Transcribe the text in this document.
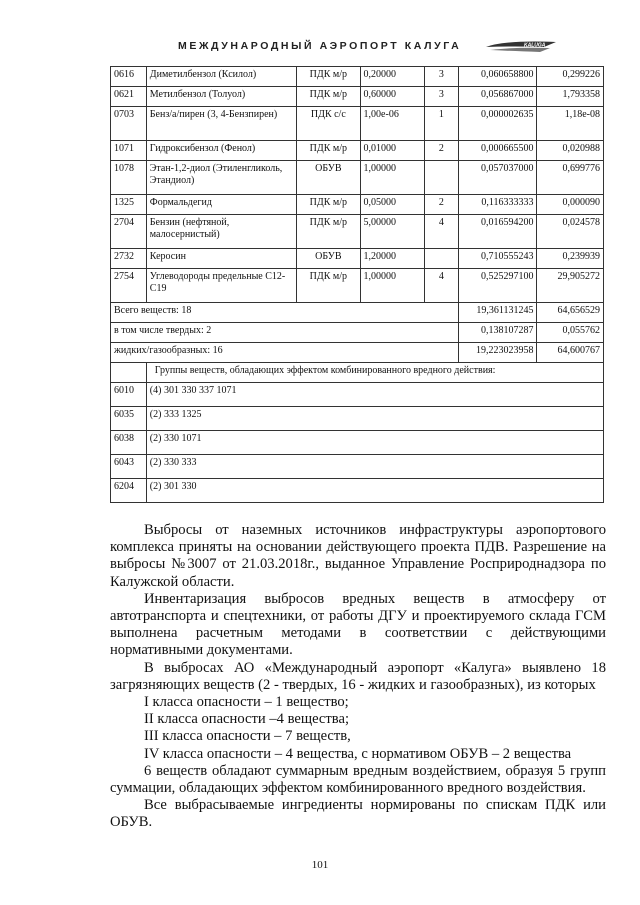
МЕЖДУНАРОДНЫЙ АЭРОПОРТ КАЛУГА	KALUGA
0616	Диметилбензол (Ксилол)	ПДК м/р	0,20000	3	0,060658800	0,299226
0621	Метилбензол (Толуол)	ПДК м/р	0,60000	3	0,056867000	1,793358
0703	Бенз/а/пирен (3, 4-Бензпирен)	ПДК с/с	1,00е-06	1	0,000002635	1,18е-08
1071	Гидроксибензол (Фенол)	ПДК м/р	0,01000	2	0,000665500	0,020988
1078	Этан-1,2-диол (Этиленгликоль, Этандиол)	ОБУВ	1,00000		0,057037000	0,699776
1325	Формальдегид	ПДК м/р	0,05000	2	0,116333333	0,000090
2704	Бензин (нефтяной, малосернистый)	ПДК м/р	5,00000	4	0,016594200	0,024578
2732	Керосин	ОБУВ	1,20000		0,710555243	0,239939
2754	Углеводороды предельные С12-С19	ПДК м/р	1,00000	4	0,525297100	29,905272
Всего веществ: 18					19,361131245	64,656529
в том числе твердых: 2					0,138107287	0,055762
жидких/газообразных: 16					19,223023958	64,600767
	Группы веществ, обладающих эффектом комбинированного вредного действия:					
6010	(4) 301 330 337 1071					
6035	(2) 333 1325					
6038	(2) 330 1071					
6043	(2) 330 333					
6204	(2) 301 330					

Выбросы от наземных источников инфраструктуры аэропортового комплекса приняты на основании действующего проекта ПДВ. Разрешение на выбросы №3007 от 21.03.2018г., выданное Управление Росприроднадзора по Калужской области.

Инвентаризация выбросов вредных веществ в атмосферу от автотранспорта и спецтехники, от работы ДГУ и проектируемого склада ГСМ выполнена расчетным методами в соответствии с действующими нормативными документами.

В выбросах АО «Международный аэропорт «Калуга» выявлено 18 загрязняющих веществ (2 - твердых, 16 - жидких и газообразных), из которых

I класса опасности – 1 вещество;

II класса опасности –4 вещества;

III класса опасности – 7 веществ,

IV класса опасности – 4 вещества, с нормативом ОБУВ – 2 вещества

6 веществ обладают суммарным вредным воздействием, образуя 5 групп суммации, обладающих эффектом комбинированного вредного воздействия.

Все выбрасываемые ингредиенты нормированы по спискам ПДК или ОБУВ.

101
